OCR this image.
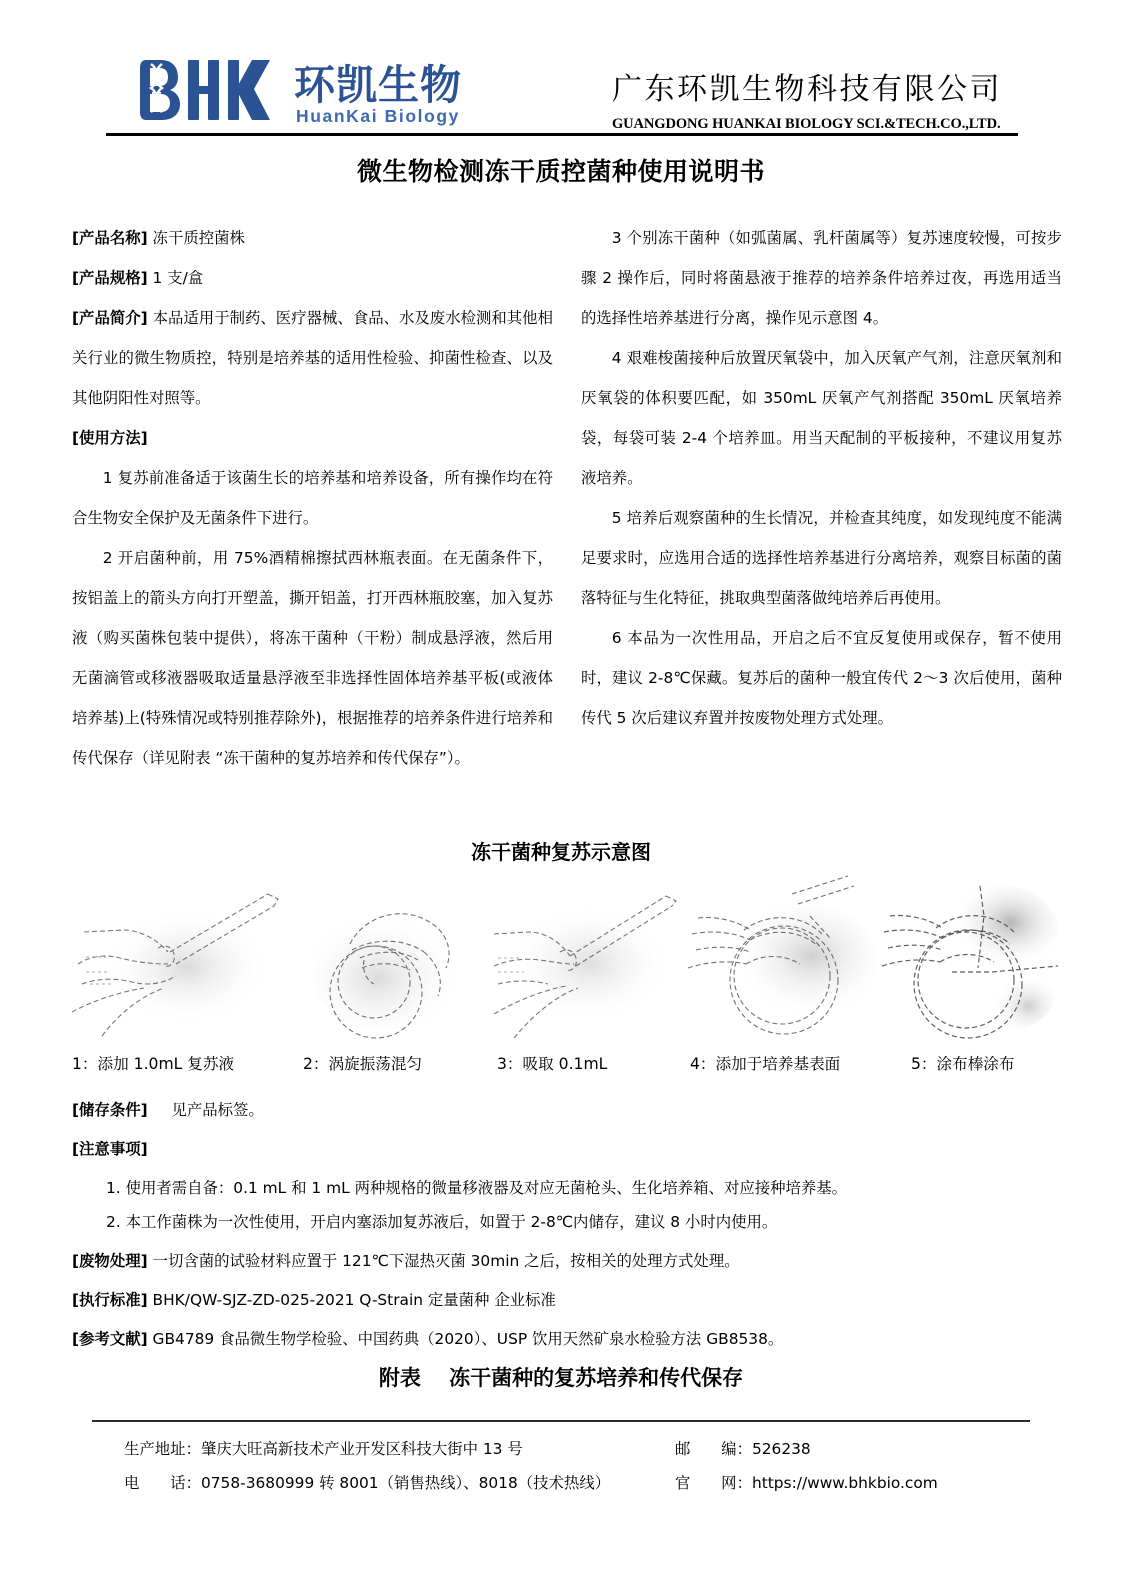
环凯生物
HuanKai Biology
广东环凯生物科技有限公司
GUANGDONG HUANKAI BIOLOGY SCI.&TECH.CO.,LTD.
微生物检测冻干质控菌种使用说明书
[产品名称] 冻干质控菌株
[产品规格] 1 支/盒
[产品简介] 本品适用于制药、医疗器械、食品、水及废水检测和其他相关行业的微生物质控，特别是培养基的适用性检验、抑菌性检查、以及其他阴阳性对照等。
[使用方法]
1 复苏前准备适于该菌生长的培养基和培养设备，所有操作均在符合生物安全保护及无菌条件下进行。
2 开启菌种前，用 75%酒精棉擦拭西林瓶表面。在无菌条件下，按铝盖上的箭头方向打开塑盖，撕开铝盖，打开西林瓶胶塞，加入复苏液（购买菌株包装中提供），将冻干菌种（干粉）制成悬浮液，然后用无菌滴管或移液器吸取适量悬浮液至非选择性固体培养基平板(或液体培养基)上(特殊情况或特别推荐除外)，根据推荐的培养条件进行培养和传代保存（详见附表 “冻干菌种的复苏培养和传代保存”）。
3 个别冻干菌种（如弧菌属、乳杆菌属等）复苏速度较慢，可按步骤 2 操作后，同时将菌悬液于推荐的培养条件培养过夜，再选用适当的选择性培养基进行分离，操作见示意图 4。
4 艰难梭菌接种后放置厌氧袋中，加入厌氧产气剂，注意厌氧剂和厌氧袋的体积要匹配，如 350mL 厌氧产气剂搭配 350mL 厌氧培养袋，每袋可装 2-4 个培养皿。用当天配制的平板接种，不建议用复苏液培养。
5 培养后观察菌种的生长情况，并检查其纯度，如发现纯度不能满足要求时，应选用合适的选择性培养基进行分离培养，观察目标菌的菌落特征与生化特征，挑取典型菌落做纯培养后再使用。
6 本品为一次性用品，开启之后不宜反复使用或保存，暂不使用时，建议 2-8℃保藏。复苏后的菌种一般宜传代 2～3 次后使用，菌种传代 5 次后建议弃置并按废物处理方式处理。
冻干菌种复苏示意图
1：添加 1.0mL 复苏液	2：涡旋振荡混匀	3：吸取 0.1mL	4：添加于培养基表面	5：涂布棒涂布
[储存条件] 见产品标签。
[注意事项]
1. 使用者需自备：0.1 mL 和 1 mL 两种规格的微量移液器及对应无菌枪头、生化培养箱、对应接种培养基。
2. 本工作菌株为一次性使用，开启内塞添加复苏液后，如置于 2-8℃内储存，建议 8 小时内使用。
[废物处理] 一切含菌的试验材料应置于 121℃下湿热灭菌 30min 之后，按相关的处理方式处理。
[执行标准] BHK/QW-SJZ-ZD-025-2021 Q-Strain 定量菌种 企业标准
[参考文献] GB4789 食品微生物学检验、中国药典（2020）、USP 饮用天然矿泉水检验方法 GB8538。
附表　 冻干菌种的复苏培养和传代保存
生产地址：肇庆大旺高新技术产业开发区科技大街中 13 号	邮　　编：526238
电　　话：0758-3680999 转 8001（销售热线）、8018（技术热线）	官　　网：https://www.bhkbio.com
